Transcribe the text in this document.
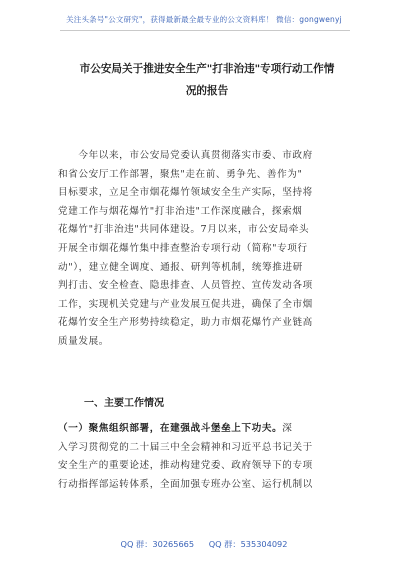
关注头条号"公文研究"，获得最新最全最专业的公文资料库！ 微信：gongwenyj
市公安局关于推进安全生产"打非治违"专项行动工作情
况的报告
　　今年以来，市公安局党委认真贯彻落实市委、市政府
和省公安厅工作部署，聚焦"走在前、勇争先、善作为"
目标要求，立足全市烟花爆竹领域安全生产实际，坚持将
党建工作与烟花爆竹"打非治违"工作深度融合，探索烟
花爆竹"打非治违"共同体建设。7月以来，市公安局牵头
开展全市烟花爆竹集中排查整治专项行动（简称"专项行
动"），建立健全调度、通报、研判等机制，统筹推进研
判打击、安全检查、隐患排查、人员管控、宣传发动各项
工作，实现机关党建与产业发展互促共进，确保了全市烟
花爆竹安全生产形势持续稳定，助力市烟花爆竹产业链高
质量发展。
一、主要工作情况
（一）聚焦组织部署，在建强战斗堡垒上下功夫。深
入学习贯彻党的二十届三中全会精神和习近平总书记关于
安全生产的重要论述，推动构建党委、政府领导下的专项
行动指挥部运转体系，全面加强专班办公室、运行机制以
QQ 群：30265665 QQ 群：535304092
